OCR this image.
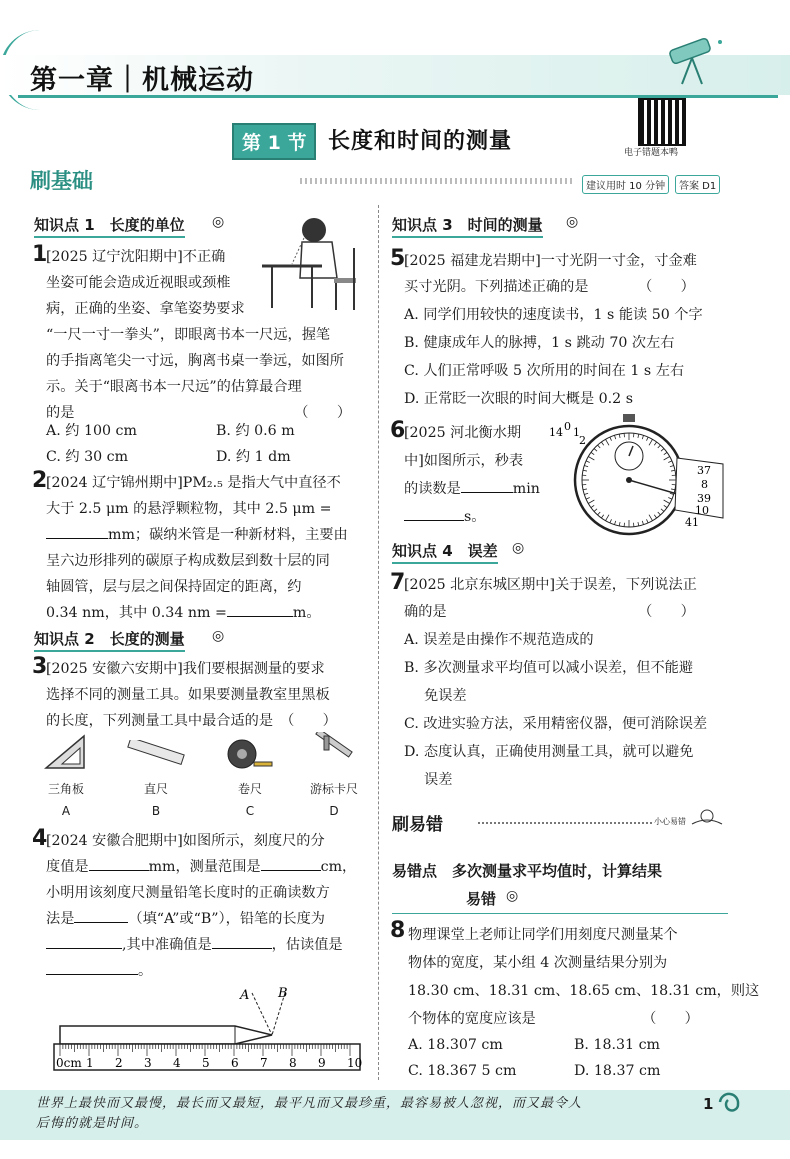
第一章｜机械运动
电子错题本鸭
第 1 节 长度和时间的测量
刷基础	建议用时 10 分钟	答案 D1
知识点 1　长度的单位 ◎
1
[2025 辽宁沈阳期中]不正确
坐姿可能会造成近视眼或颈椎
病，正确的坐姿、拿笔姿势要求
“一尺一寸一拳头”，即眼离书本一尺远，握笔
的手指离笔尖一寸远，胸离书桌一拳远，如图所
示。关于“眼离书本一尺远”的估算最合理
的是　　　　　　　　　　　　　　　　（　　）
A. 约 100 cm	B. 约 0.6 m
C. 约 30 cm	D. 约 1 dm
2
[2024 辽宁锦州期中]PM₂.₅ 是指大气中直径不
大于 2.5 μm 的悬浮颗粒物，其中 2.5 μm =
mm；碳纳米管是一种新材料，主要由
呈六边形排列的碳原子构成数层到数十层的同
轴圆管，层与层之间保持固定的距离，约
0.34 nm，其中 0.34 nm =	m。
知识点 2　长度的测量 ◎
3
[2025 安徽六安期中]我们要根据测量的要求
选择不同的测量工具。如果要测量教室里黑板
的长度，下列测量工具中最合适的是　（　　）
三角板	直尺	卷尺	游标卡尺
A	B	C	D
4
[2024 安徽合肥期中]如图所示，刻度尺的分
度值是	mm，测量范围是	cm，
小明用该刻度尺测量铅笔长度时的正确读数方
法是	（填“A”或“B”），铅笔的长度为
,其中准确值是	，估读值是
。
A B
0cm 1 2 3 4 5 6 7 8 9 10
知识点 3　时间的测量 ◎
5
[2025 福建龙岩期中]一寸光阴一寸金，寸金难
买寸光阴。下列描述正确的是　　　　（　　）
A. 同学们用较快的速度读书，1 s 能读 50 个字
B. 健康成年人的脉搏，1 s 跳动 70 次左右
C. 人们正常呼吸 5 次所用的时间在 1 s 左右
D. 正常眨一次眼的时间大概是 0.2 s
6
[2025 河北衡水期
中]如图所示，秒表
的读数是	min
s。
14 0 1
2
37
8
39
10
41
知识点 4　误差 ◎
7
[2025 北京东城区期中]关于误差，下列说法正
确的是　　　　　　　　　　　　　　（　　）
A. 误差是由操作不规范造成的
B. 多次测量求平均值可以减小误差，但不能避
免误差
C. 改进实验方法，采用精密仪器，便可消除误差
D. 态度认真，正确使用测量工具，就可以避免
误差
刷易错	小心易错
易错点　多次测量求平均值时，计算结果
易错 ◎
8 物理课堂上老师让同学们用刻度尺测量某个
物体的宽度，某小组 4 次测量结果分别为
18.30 cm、18.31 cm、18.65 cm、18.31 cm，则这
个物体的宽度应该是　　　　　　　　（　　）
A. 18.307 cm	B. 18.31 cm
C. 18.367 5 cm	D. 18.37 cm
世界上最快而又最慢，最长而又最短，最平凡而又最珍重，最容易被人忽视，而又最令人
后悔的就是时间。
1
